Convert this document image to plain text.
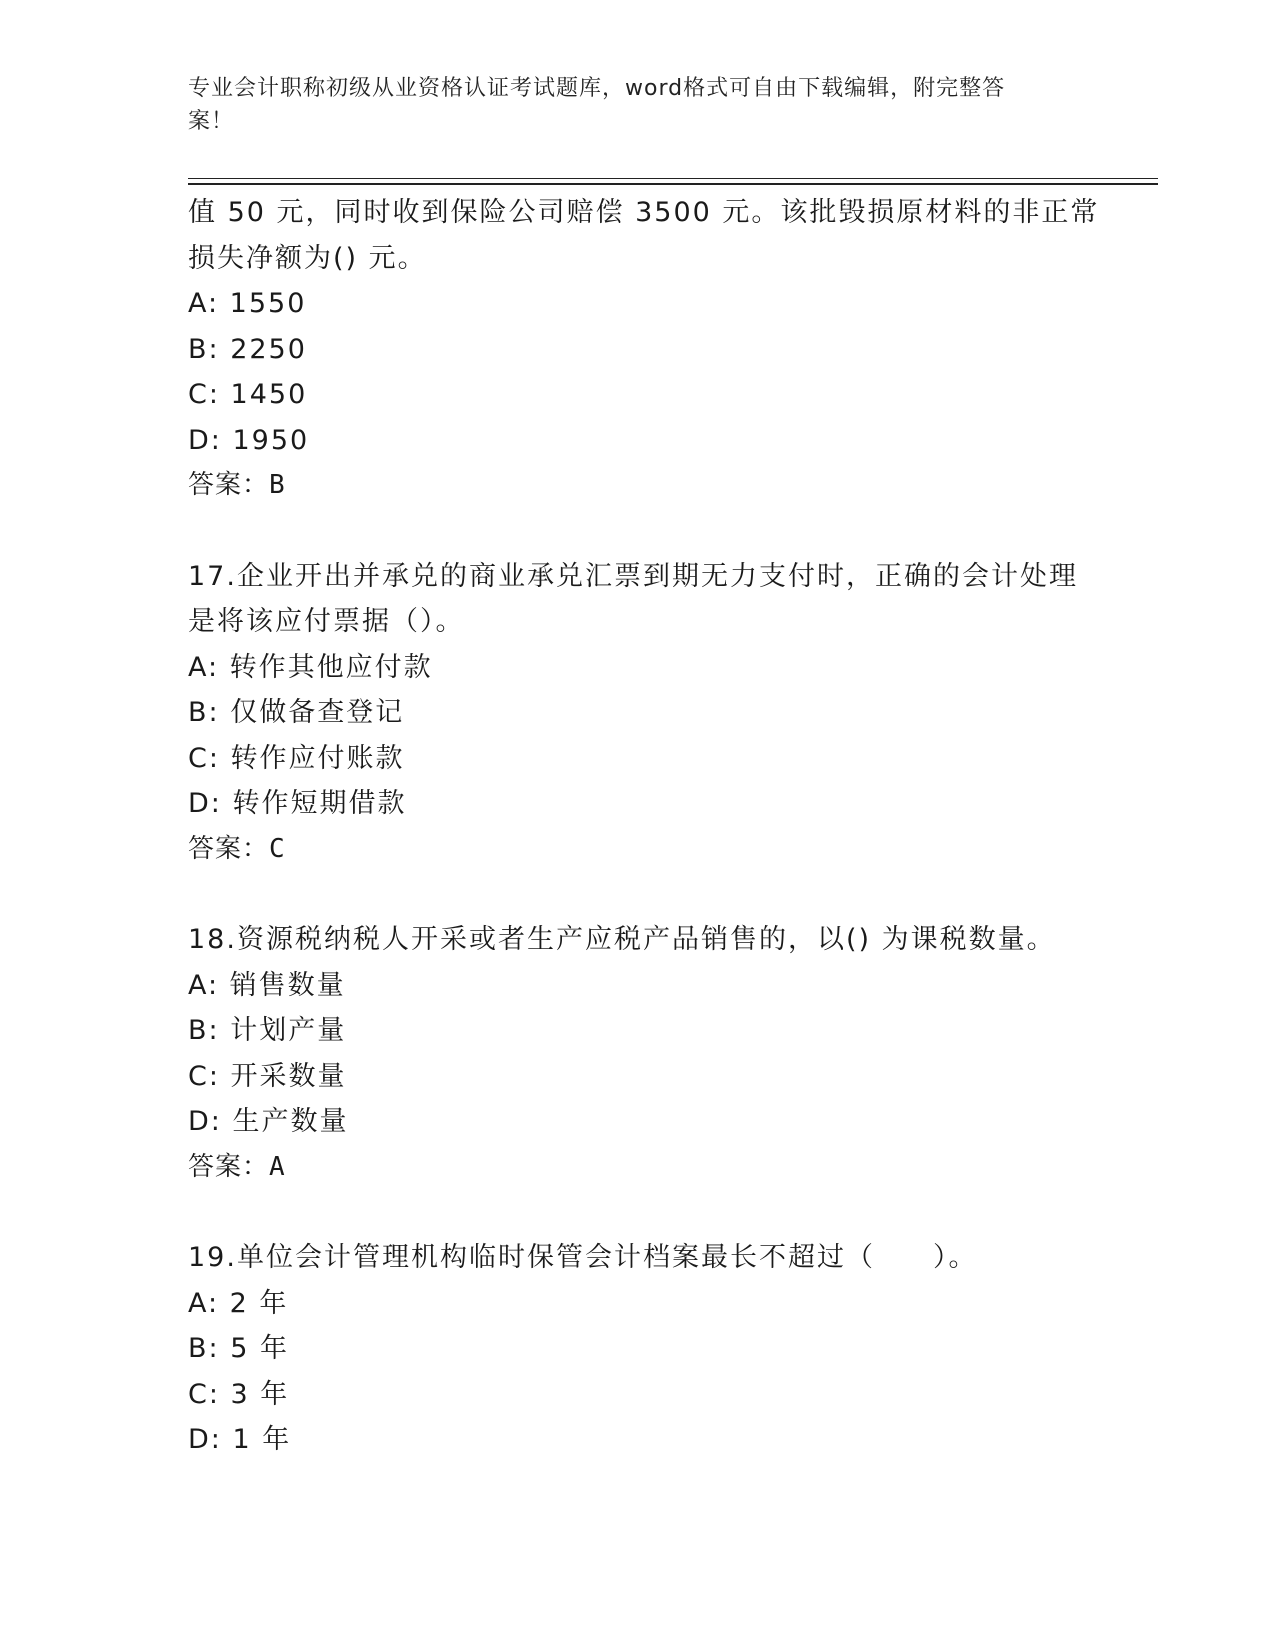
专业会计职称初级从业资格认证考试题库，word格式可自由下载编辑，附完整答
案！
值 50 元，同时收到保险公司赔偿 3500 元。该批毁损原材料的非正常
损失净额为() 元。
A: 1550
B: 2250
C: 1450
D: 1950
答案：B
17.企业开出并承兑的商业承兑汇票到期无力支付时，正确的会计处理
是将该应付票据（）。
A: 转作其他应付款
B: 仅做备查登记
C: 转作应付账款
D: 转作短期借款
答案：C
18.资源税纳税人开采或者生产应税产品销售的，以() 为课税数量。
A: 销售数量
B: 计划产量
C: 开采数量
D: 生产数量
答案：A
19.单位会计管理机构临时保管会计档案最长不超过（　　）。
A: 2 年
B: 5 年
C: 3 年
D: 1 年
